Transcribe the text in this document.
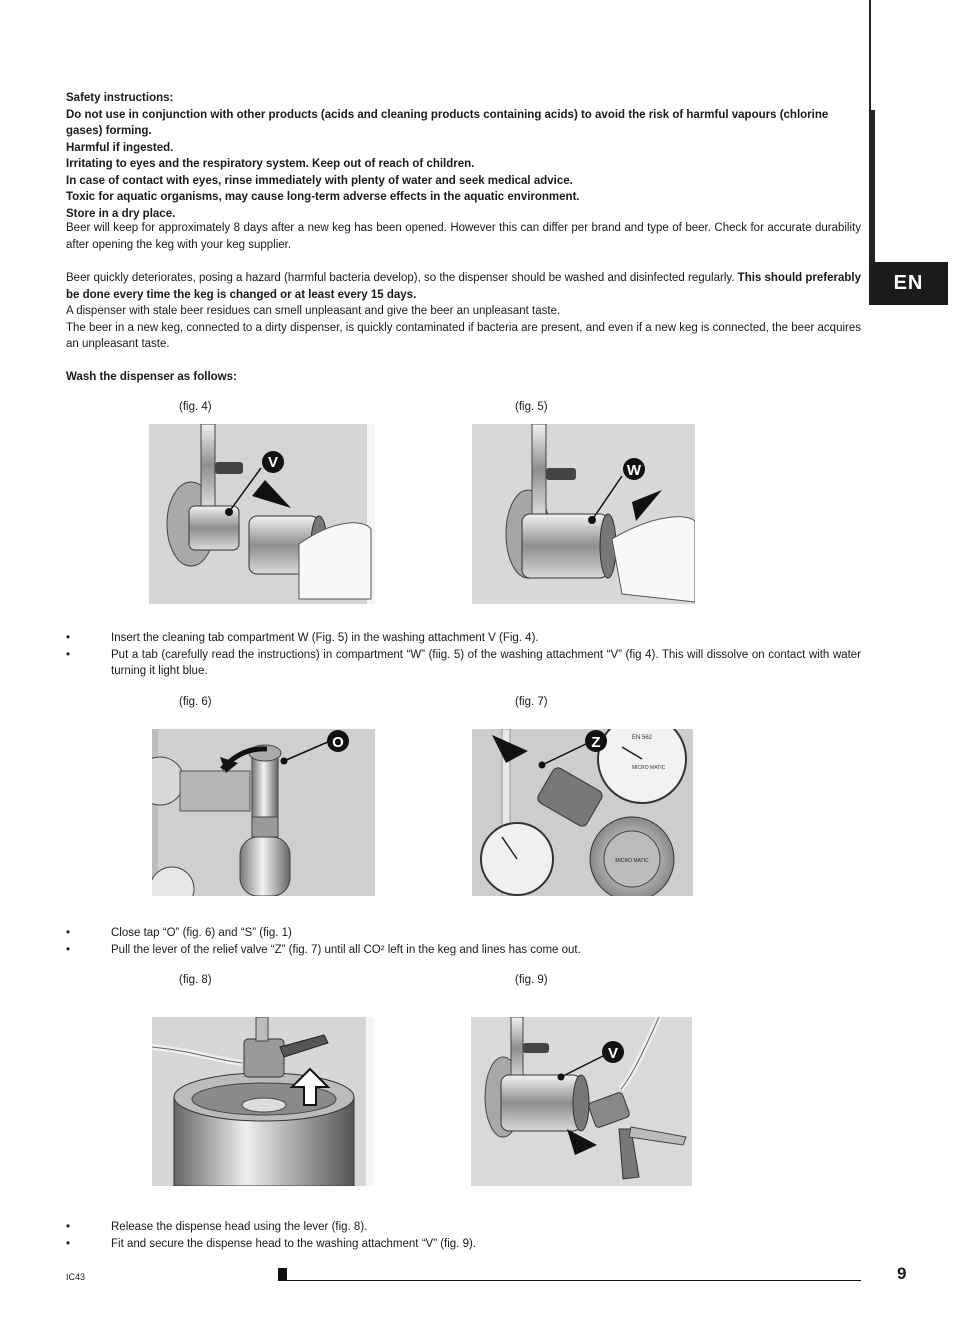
EN

Safety instructions:

Do not use in conjunction with other products (acids and cleaning products containing acids) to avoid the risk of harmful vapours (chlorine gases) forming.

Harmful if ingested.

Irritating to eyes and the respiratory system. Keep out of reach of children.

In case of contact with eyes, rinse immediately with plenty of water and seek medical advice.

Toxic for aquatic organisms, may cause long-term adverse effects in the aquatic environment.

Store in a dry place.

Beer will keep for approximately 8 days after a new keg has been opened. However this can differ per brand and type of beer. Check for accurate durability after opening the keg with your keg supplier.

Beer quickly deteriorates, posing a hazard (harmful bacteria develop), so the dispenser should be washed and disinfected regularly. This should preferably be done every time the keg is changed or at least every 15 days.

A dispenser with stale beer residues can smell unpleasant and give the beer an unpleasant taste.

The beer in a new keg, connected to a dirty dispenser, is quickly contaminated if bacteria are present, and even if a new keg is connected, the beer acquires an unpleasant taste.

Wash the dispenser as follows:
(fig. 4)	(fig. 5)
V	W
•	Insert the cleaning tab compartment W (Fig. 5) in the washing attachment V (Fig. 4).
•	Put a tab (carefully read the instructions) in compartment “W” (fiig. 5) of the washing attachment “V” (fig 4). This will dissolve on contact with water turning it light blue.
(fig. 6)	(fig. 7)
O	EN 562
MICRO MATIC
MICRO MATIC
Z
•	Close tap “O” (fig. 6) and “S” (fig. 1)
•	Pull the lever of the relief valve “Z” (fig. 7) until all CO² left in the keg and lines has come out.
(fig. 8)	(fig. 9)
V
•	Release the dispense head using the lever (fig. 8).
•	Fit and secure the dispense head to the washing attachment “V” (fig. 9).
IC43	9
